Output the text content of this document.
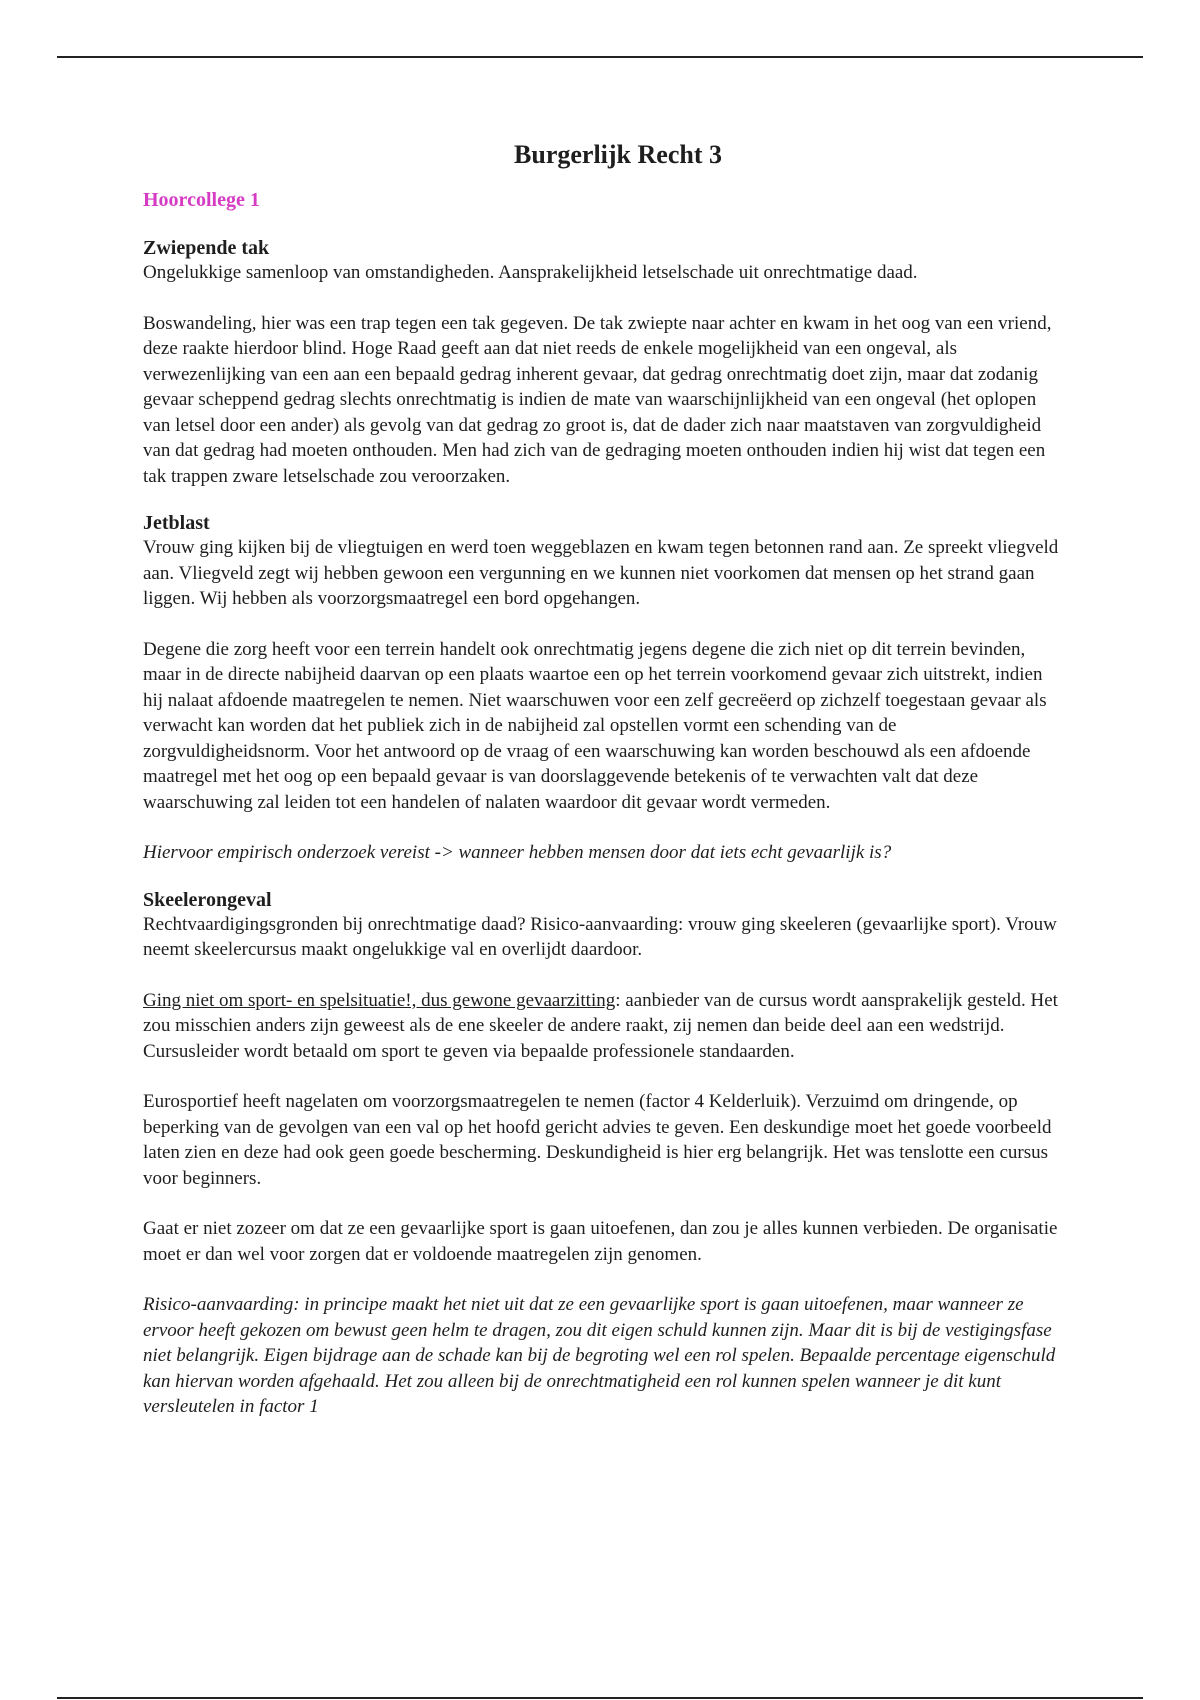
Burgerlijk Recht 3
Hoorcollege 1
Zwiepende tak

Ongelukkige samenloop van omstandigheden. Aansprakelijkheid letselschade uit onrechtmatige daad.

Boswandeling, hier was een trap tegen een tak gegeven. De tak zwiepte naar achter en kwam in het oog van een vriend, deze raakte hierdoor blind. Hoge Raad geeft aan dat niet reeds de enkele mogelijkheid van een ongeval, als verwezenlijking van een aan een bepaald gedrag inherent gevaar, dat gedrag onrechtmatig doet zijn, maar dat zodanig gevaar scheppend gedrag slechts onrechtmatig is indien de mate van waarschijnlijkheid van een ongeval (het oplopen van letsel door een ander) als gevolg van dat gedrag zo groot is, dat de dader zich naar maatstaven van zorgvuldigheid van dat gedrag had moeten onthouden. Men had zich van de gedraging moeten onthouden indien hij wist dat tegen een tak trappen zware letselschade zou veroorzaken.

Jetblast

Vrouw ging kijken bij de vliegtuigen en werd toen weggeblazen en kwam tegen betonnen rand aan. Ze spreekt vliegveld aan. Vliegveld zegt wij hebben gewoon een vergunning en we kunnen niet voorkomen dat mensen op het strand gaan liggen. Wij hebben als voorzorgsmaatregel een bord opgehangen.

Degene die zorg heeft voor een terrein handelt ook onrechtmatig jegens degene die zich niet op dit terrein bevinden, maar in de directe nabijheid daarvan op een plaats waartoe een op het terrein voorkomend gevaar zich uitstrekt, indien hij nalaat afdoende maatregelen te nemen. Niet waarschuwen voor een zelf gecreëerd op zichzelf toegestaan gevaar als verwacht kan worden dat het publiek zich in de nabijheid zal opstellen vormt een schending van de zorgvuldigheidsnorm. Voor het antwoord op de vraag of een waarschuwing kan worden beschouwd als een afdoende maatregel met het oog op een bepaald gevaar is van doorslaggevende betekenis of te verwachten valt dat deze waarschuwing zal leiden tot een handelen of nalaten waardoor dit gevaar wordt vermeden.

Hiervoor empirisch onderzoek vereist -> wanneer hebben mensen door dat iets echt gevaarlijk is?

Skeelerongeval

Rechtvaardigingsgronden bij onrechtmatige daad? Risico-aanvaarding: vrouw ging skeeleren (gevaarlijke sport). Vrouw neemt skeelercursus maakt ongelukkige val en overlijdt daardoor.

Ging niet om sport- en spelsituatie!, dus gewone gevaarzitting: aanbieder van de cursus wordt aansprakelijk gesteld. Het zou misschien anders zijn geweest als de ene skeeler de andere raakt, zij nemen dan beide deel aan een wedstrijd. Cursusleider wordt betaald om sport te geven via bepaalde professionele standaarden.

Eurosportief heeft nagelaten om voorzorgsmaatregelen te nemen (factor 4 Kelderluik). Verzuimd om dringende, op beperking van de gevolgen van een val op het hoofd gericht advies te geven. Een deskundige moet het goede voorbeeld laten zien en deze had ook geen goede bescherming. Deskundigheid is hier erg belangrijk. Het was tenslotte een cursus voor beginners.

Gaat er niet zozeer om dat ze een gevaarlijke sport is gaan uitoefenen, dan zou je alles kunnen verbieden. De organisatie moet er dan wel voor zorgen dat er voldoende maatregelen zijn genomen.

Risico-aanvaarding: in principe maakt het niet uit dat ze een gevaarlijke sport is gaan uitoefenen, maar wanneer ze ervoor heeft gekozen om bewust geen helm te dragen, zou dit eigen schuld kunnen zijn. Maar dit is bij de vestigingsfase niet belangrijk. Eigen bijdrage aan de schade kan bij de begroting wel een rol spelen. Bepaalde percentage eigenschuld kan hiervan worden afgehaald. Het zou alleen bij de onrechtmatigheid een rol kunnen spelen wanneer je dit kunt versleutelen in factor 1
